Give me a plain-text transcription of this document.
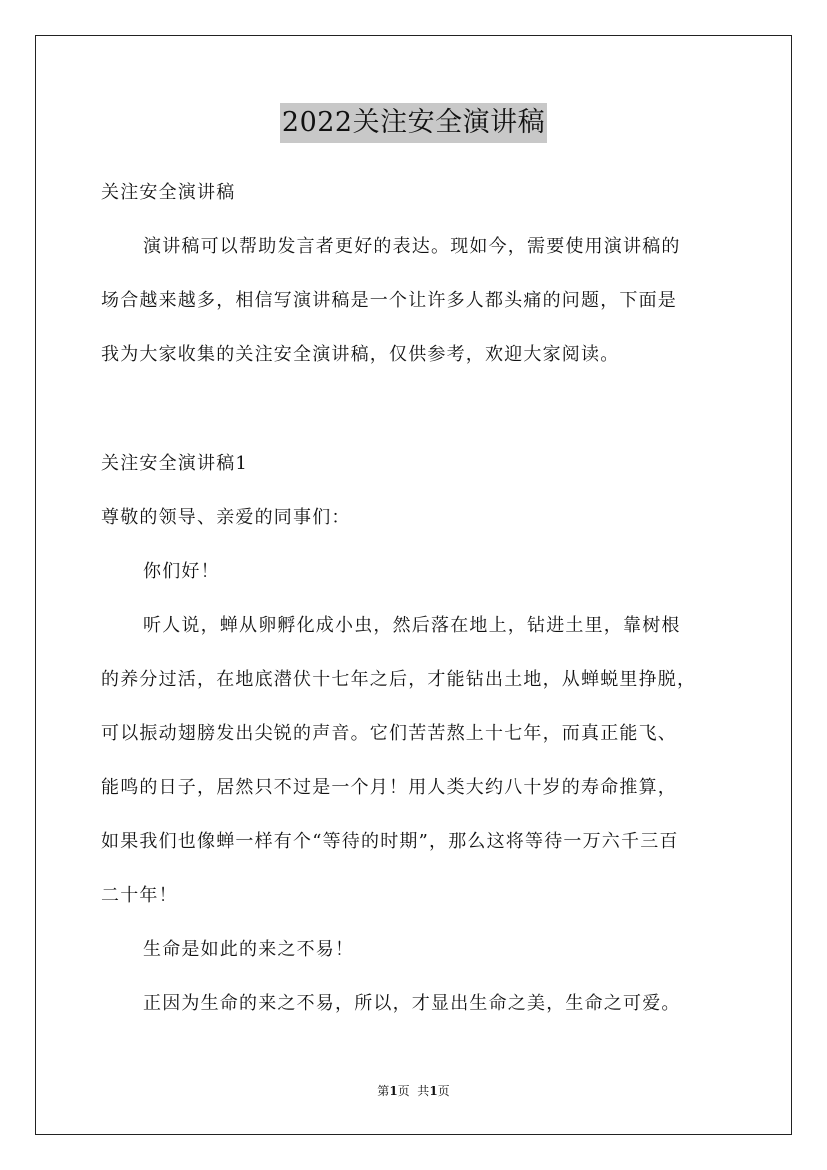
2022关注安全演讲稿
关注安全演讲稿
演讲稿可以帮助发言者更好的表达。现如今，需要使用演讲稿的
场合越来越多，相信写演讲稿是一个让许多人都头痛的问题，下面是
我为大家收集的关注安全演讲稿，仅供参考，欢迎大家阅读。
关注安全演讲稿1
尊敬的领导、亲爱的同事们：
你们好！
听人说，蝉从卵孵化成小虫，然后落在地上，钻进土里，靠树根
的养分过活，在地底潜伏十七年之后，才能钻出土地，从蝉蜕里挣脱，
可以振动翅膀发出尖锐的声音。它们苦苦熬上十七年，而真正能飞、
能鸣的日子，居然只不过是一个月！用人类大约八十岁的寿命推算，
如果我们也像蝉一样有个“等待的时期”，那么这将等待一万六千三百
二十年！
生命是如此的来之不易！
正因为生命的来之不易，所以，才显出生命之美，生命之可爱。
第1页  共1页
